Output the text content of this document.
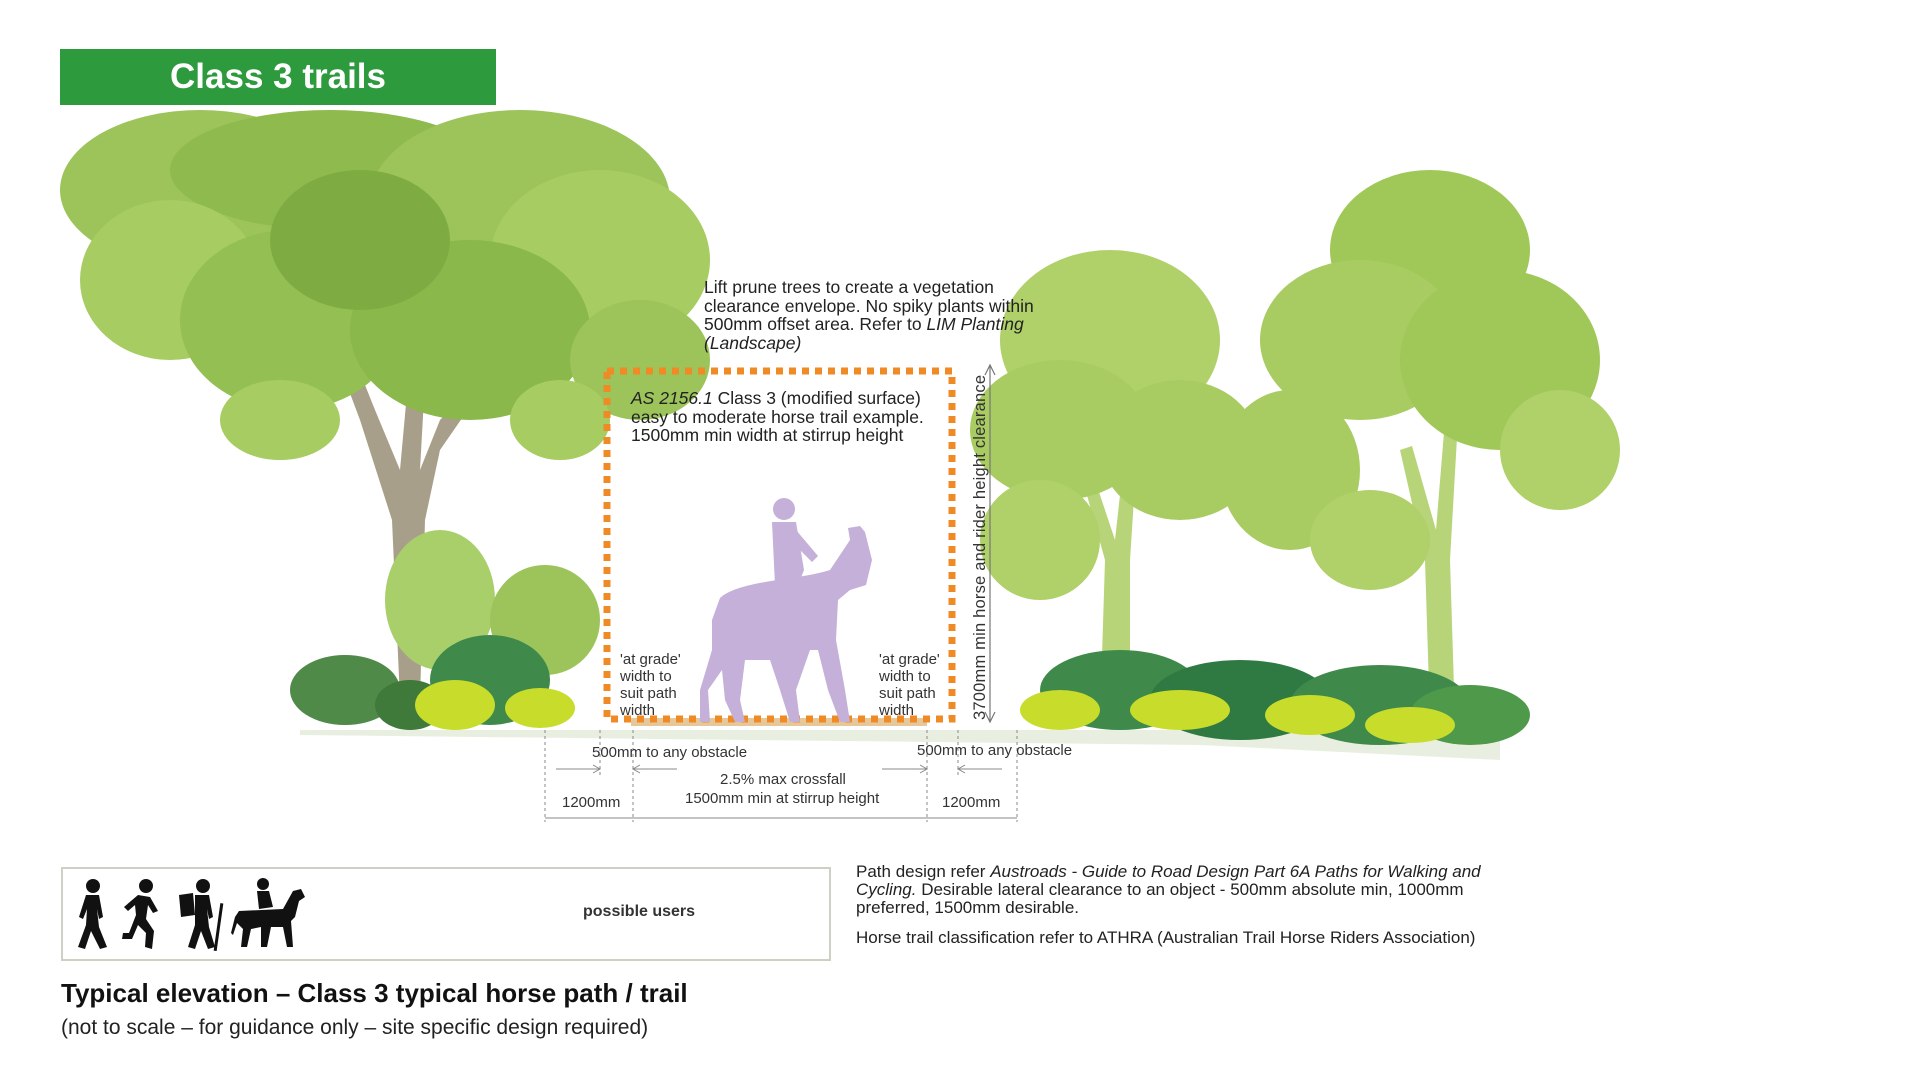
Class 3 trails
Lift prune trees to create a vegetation
clearance envelope. No spiky plants within
500mm offset area. Refer to LIM Planting
(Landscape)
AS 2156.1 Class 3 (modified surface)
easy to moderate horse trail example.
1500mm min width at stirrup height
'at grade'
width to
suit path
width
'at grade'
width to
suit path
width	3700mm min horse and rider height clearance
500mm to any obstacle	500mm to any obstacle
2.5% max crossfall
1500mm min at stirrup height
1200mm	1200mm
possible users
Path design refer Austroads - Guide to Road Design Part 6A Paths for Walking and
Cycling. Desirable lateral clearance to an object - 500mm absolute min, 1000mm
preferred, 1500mm desirable.
Horse trail classification refer to ATHRA (Australian Trail Horse Riders Association)
Typical elevation – Class 3 typical horse path / trail
(not to scale – for guidance only – site specific design required)
